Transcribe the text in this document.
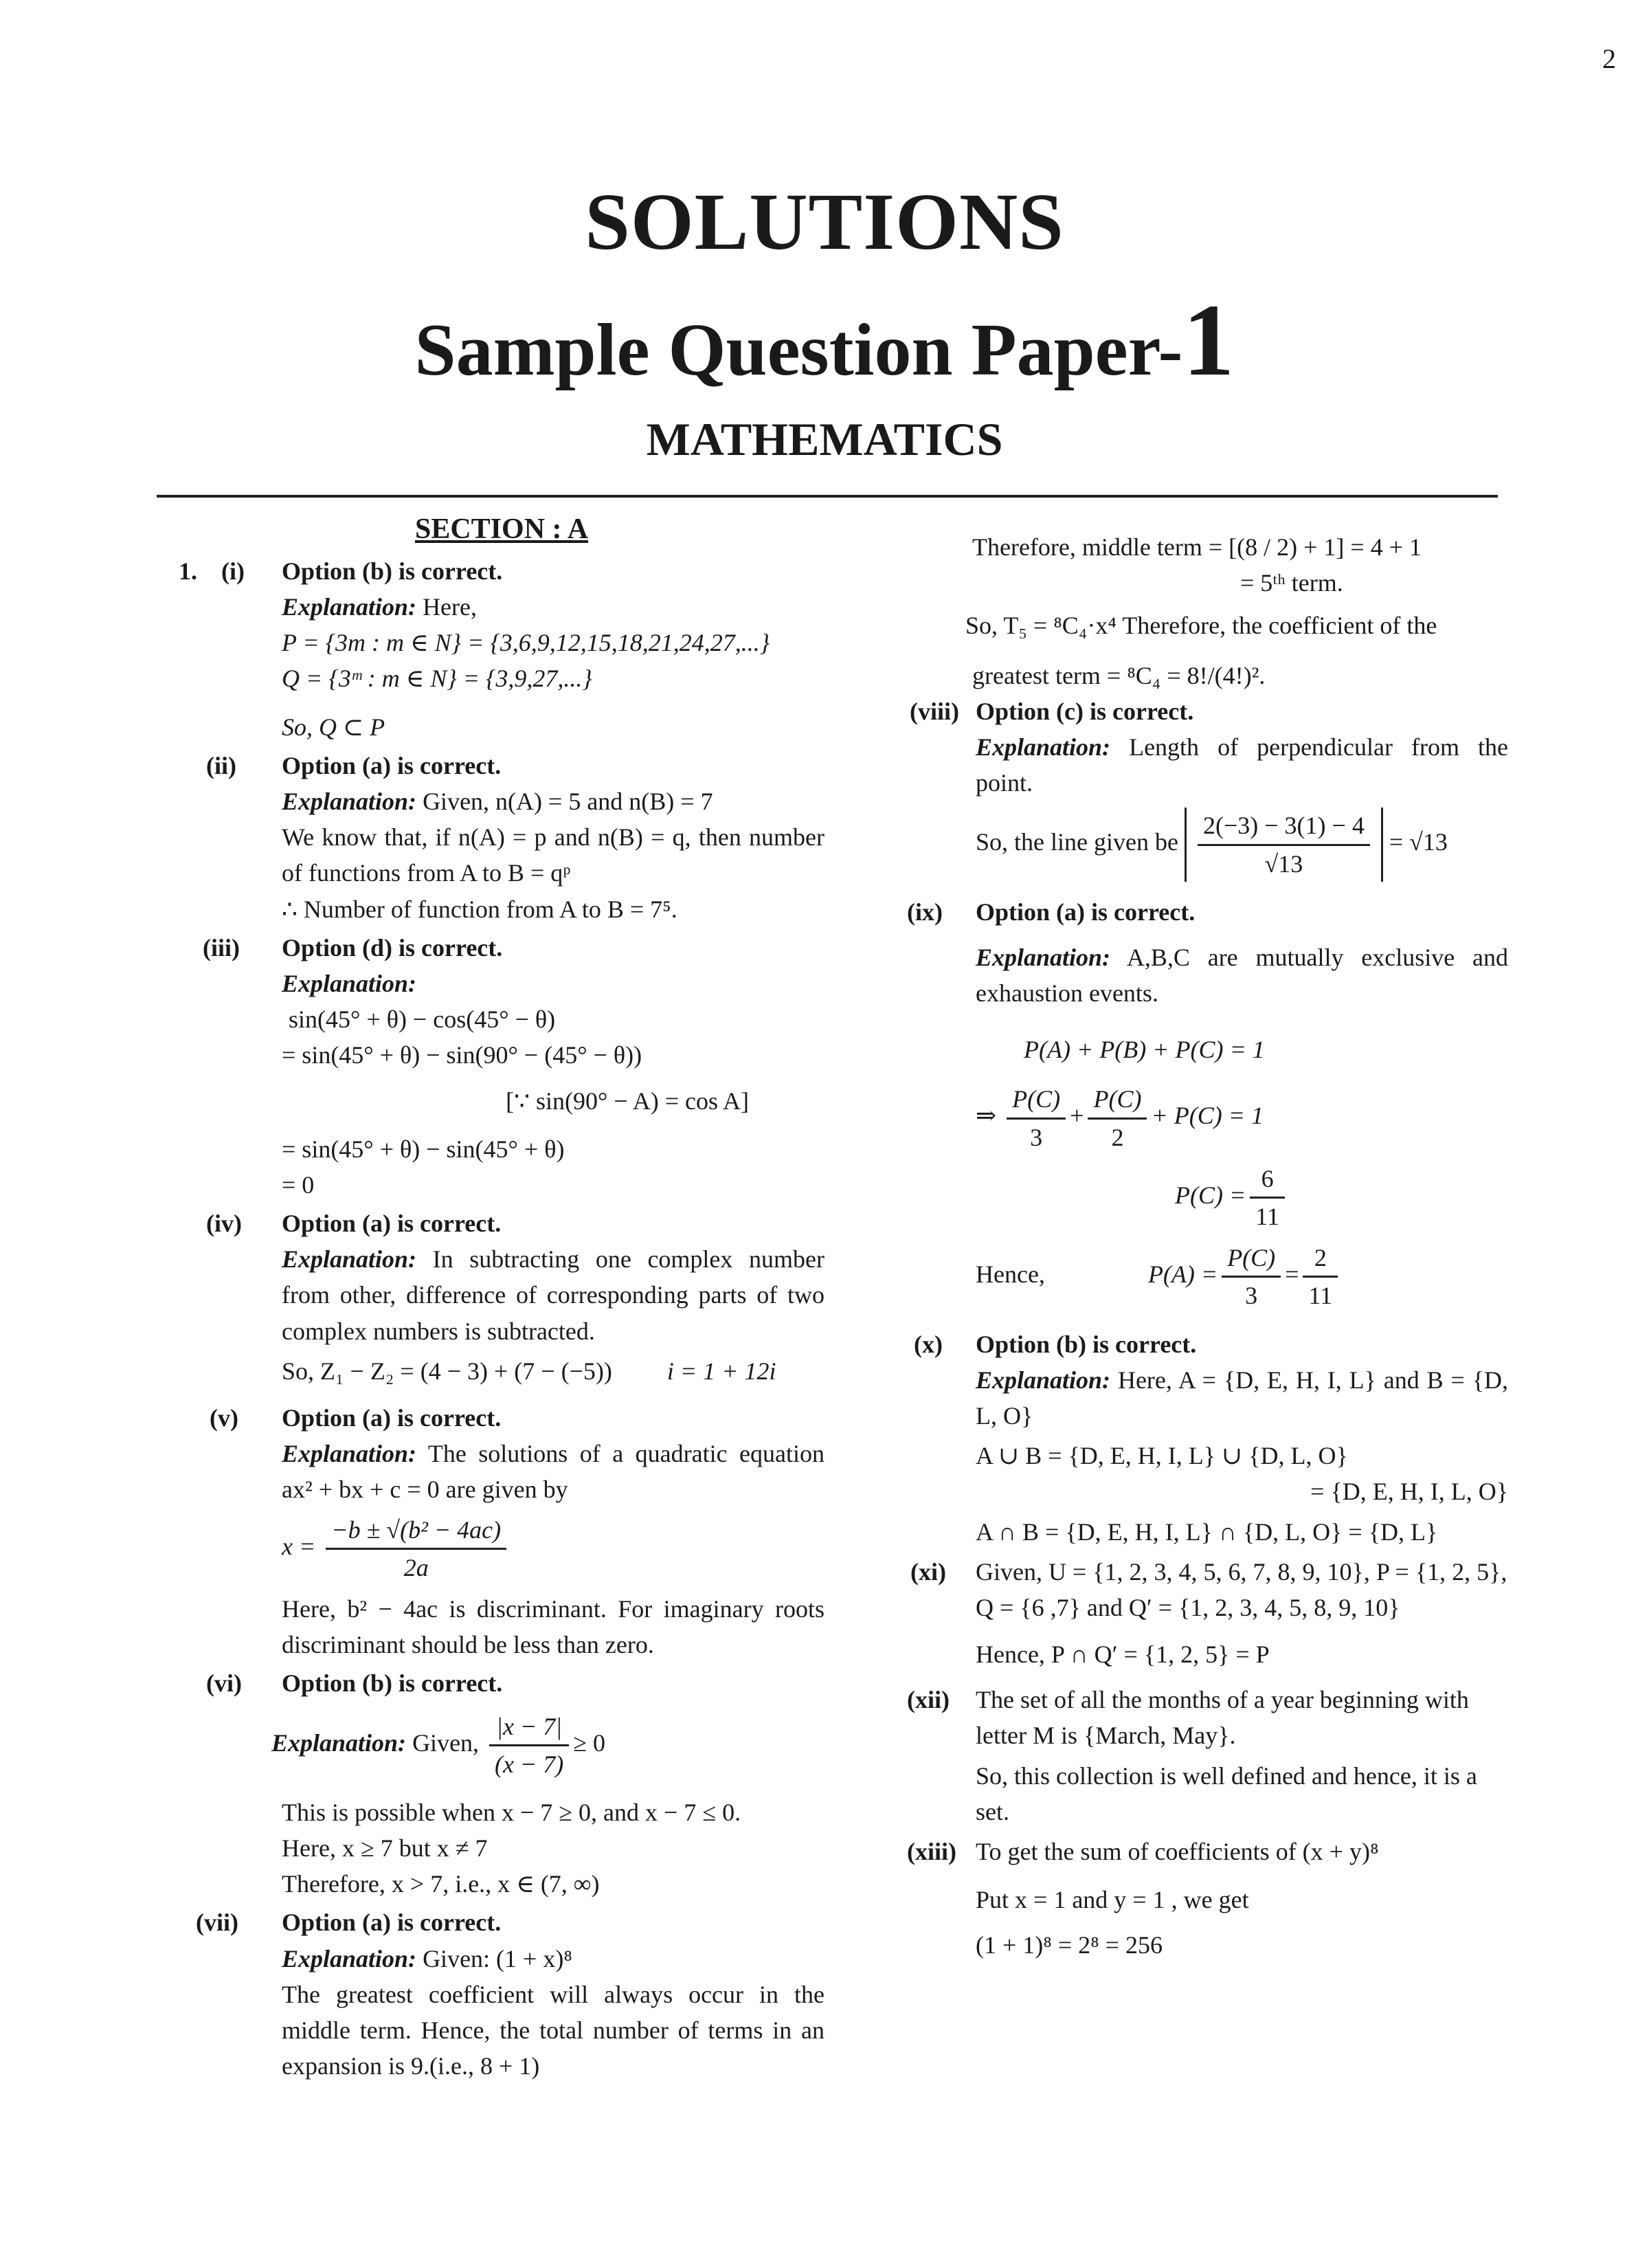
2
SOLUTIONS
Sample Question Paper-1
MATHEMATICS

SECTION : A

1. (i) Option (b) is correct.

Explanation: Here,

P = {3m : m ∈ N} = {3,6,9,12,15,18,21,24,27,...}

Q = {3ᵐ : m ∈ N} = {3,9,27,...}

So, Q ⊂ P

(ii) Option (a) is correct.

Explanation: Given, n(A) = 5 and n(B) = 7

We know that, if n(A) = p and n(B) = q, then number of functions from A to B = qᵖ

∴ Number of function from A to B = 7⁵.

(iii) Option (d) is correct.

Explanation:

sin(45° + θ) − cos(45° − θ)

= sin(45° + θ) − sin(90° − (45° − θ))

[∵ sin(90° − A) = cos A]

= sin(45° + θ) − sin(45° + θ)

= 0

(iv) Option (a) is correct.

Explanation: In subtracting one complex number from other, difference of corresponding parts of two complex numbers is subtracted.

So, Z₁ − Z₂ = (4 − 3) + (7 − (−5)) i = 1 + 12i

(v) Option (a) is correct.

Explanation: The solutions of a quadratic equation ax² + bx + c = 0 are given by

$x = \frac{\text{−b ± √(b² − 4ac)}}{2a}$

Here, b² − 4ac is discriminant. For imaginary roots discriminant should be less than zero.

(vi) Option (b) is correct.

Explanation: Given, $\frac{|x - 7|}{(x - 7)} \ge 0$

This is possible when x − 7 ≥ 0, and x − 7 ≤ 0.

Here, x ≥ 7 but x ≠ 7

Therefore, x > 7, i.e., x ∈ (7, ∞)

(vii) Option (a) is correct.

Explanation: Given: (1 + x)⁸

The greatest coefficient will always occur in the middle term. Hence, the total number of terms in an expansion is 9.(i.e., 8 + 1)

Therefore, middle term = [(8 / 2) + 1] = 4 + 1

= 5ᵗʰ term.

So, T₅ = ⁸C₄·x⁴ Therefore, the coefficient of the

greatest term = ⁸C₄ = 8!/(4!)².

(viii) Option (c) is correct.

Explanation: Length of perpendicular from the point.

So, the line given be $\frac{2(-3) - 3(1) - 4}{√13} = √13$

(ix) Option (a) is correct.

Explanation: A,B,C are mutually exclusive and exhaustion events.

P(A) + P(B) + P(C) = 1

⇒ $\frac{P(C)}{3} + \frac{P(C)}{2} + P(C) = 1$

$P(C) = \frac{6}{11}$

Hence,	$P(A) = \frac{P(C)}{3} = \frac{2}{11}$

(x) Option (b) is correct.

Explanation: Here, A = {D, E, H, I, L} and B = {D, L, O}

A ∪ B = {D, E, H, I, L} ∪ {D, L, O}

= {D, E, H, I, L, O}

A ∩ B = {D, E, H, I, L} ∩ {D, L, O} = {D, L}

(xi) Given, U = {1, 2, 3, 4, 5, 6, 7, 8, 9, 10}, P = {1, 2, 5}, Q = {6 ,7} and Q′ = {1, 2, 3, 4, 5, 8, 9, 10}

Hence, P ∩ Q′ = {1, 2, 5} = P

(xii) The set of all the months of a year beginning with letter M is {March, May}.

So, this collection is well defined and hence, it is a set.

(xiii) To get the sum of coefficients of (x + y)⁸

Put x = 1 and y = 1 , we get

(1 + 1)⁸ = 2⁸ = 256
